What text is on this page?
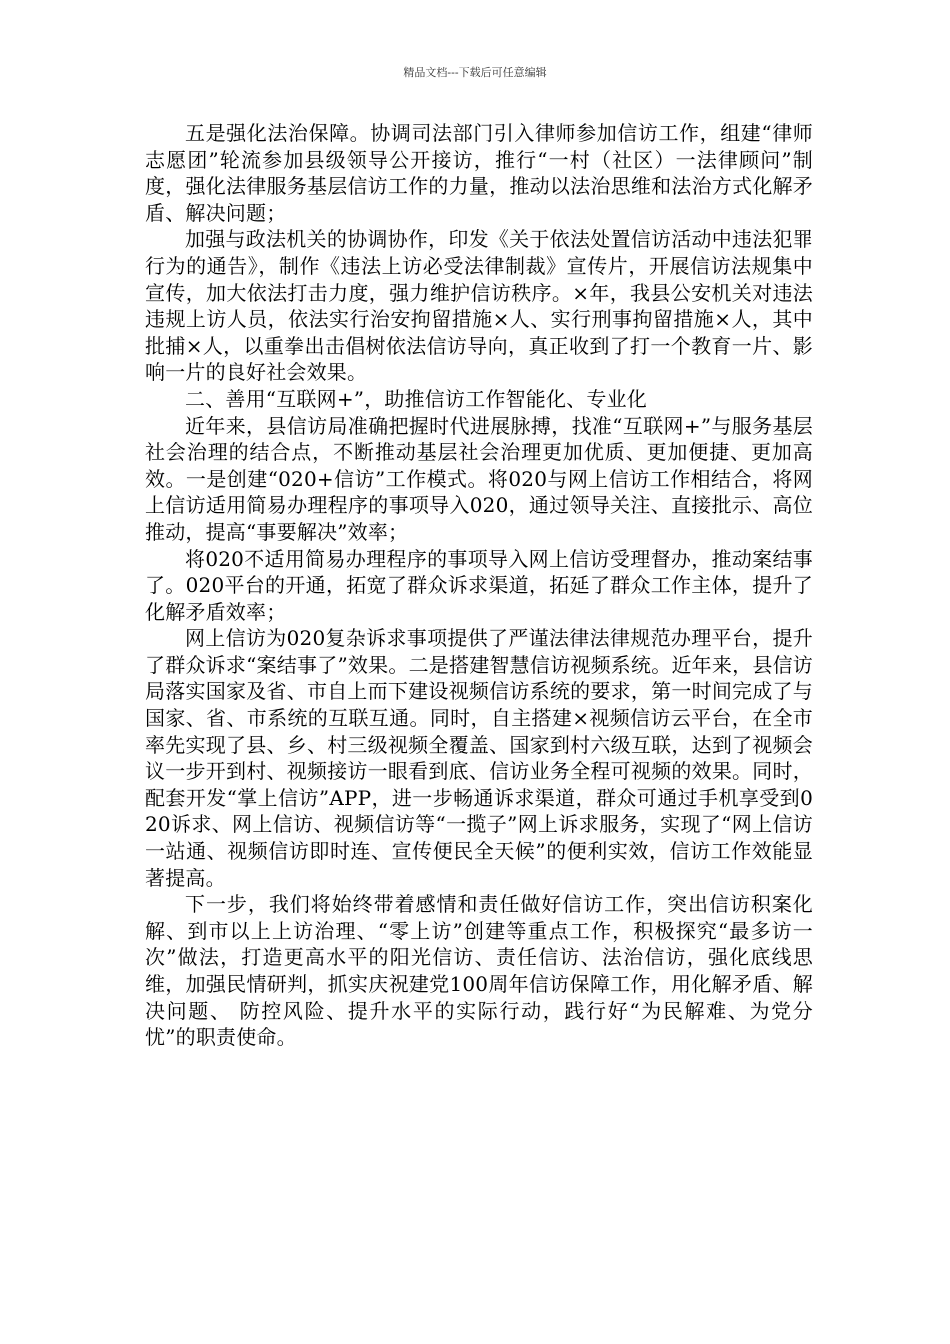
精品文档---下载后可任意编辑

五是强化法治保障。协调司法部门引入律师参加信访工作，组建“律师志愿团”轮流参加县级领导公开接访，推行“一村（社区）一法律顾问”制度，强化法律服务基层信访工作的力量，推动以法治思维和法治方式化解矛盾、解决问题；

加强与政法机关的协调协作，印发《关于依法处置信访活动中违法犯罪行为的通告》，制作《违法上访必受法律制裁》宣传片，开展信访法规集中宣传，加大依法打击力度，强力维护信访秩序。×年，我县公安机关对违法违规上访人员，依法实行治安拘留措施×人、实行刑事拘留措施×人，其中批捕×人，以重拳出击倡树依法信访导向，真正收到了打一个教育一片、影响一片的良好社会效果。

二、善用“互联网+”，助推信访工作智能化、专业化

近年来，县信访局准确把握时代进展脉搏，找准“互联网+”与服务基层社会治理的结合点，不断推动基层社会治理更加优质、更加便捷、更加高效。一是创建“020+信访”工作模式。将020与网上信访工作相结合，将网上信访适用简易办理程序的事项导入020，通过领导关注、直接批示、高位推动，提高“事要解决”效率；

将020不适用简易办理程序的事项导入网上信访受理督办，推动案结事了。020平台的开通，拓宽了群众诉求渠道，拓延了群众工作主体，提升了化解矛盾效率；

网上信访为020复杂诉求事项提供了严谨法律法律规范办理平台，提升了群众诉求“案结事了”效果。二是搭建智慧信访视频系统。近年来，县信访局落实国家及省、市自上而下建设视频信访系统的要求，第一时间完成了与国家、省、市系统的互联互通。同时，自主搭建×视频信访云平台，在全市率先实现了县、乡、村三级视频全覆盖、国家到村六级互联，达到了视频会议一步开到村、视频接访一眼看到底、信访业务全程可视频的效果。同时，配套开发“掌上信访”APP，进一步畅通诉求渠道，群众可通过手机享受到020诉求、网上信访、视频信访等“一揽子”网上诉求服务，实现了“网上信访一站通、视频信访即时连、宣传便民全天候”的便利实效，信访工作效能显著提高。

下一步，我们将始终带着感情和责任做好信访工作，突出信访积案化解、到市以上上访治理、“零上访”创建等重点工作，积极探究“最多访一次”做法，打造更高水平的阳光信访、责任信访、法治信访，强化底线思维，加强民情研判，抓实庆祝建党100周年信访保障工作，用化解矛盾、解决问题、 防控风险、提升水平的实际行动，践行好“为民解难、为党分忧”的职责使命。
